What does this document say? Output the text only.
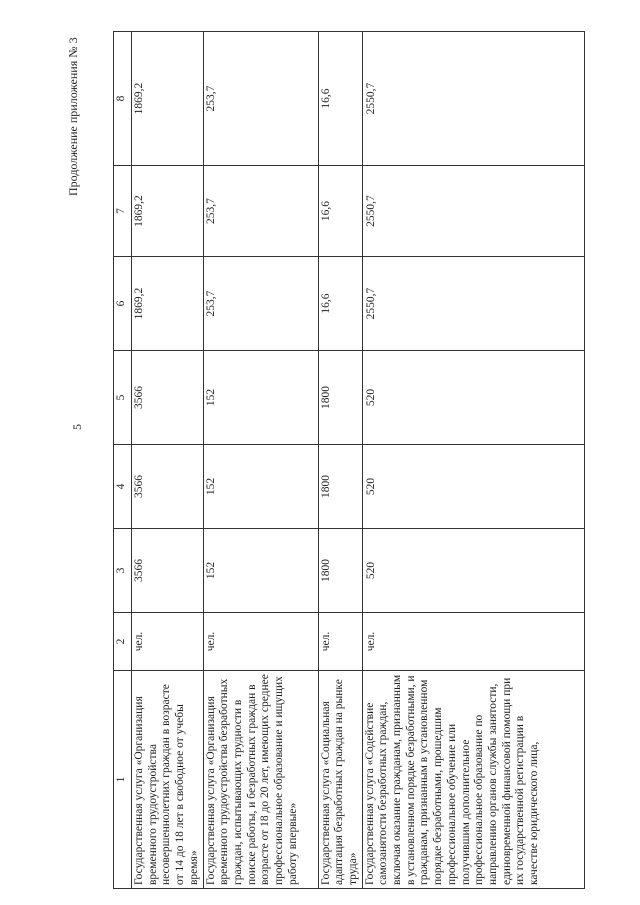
5
Продолжение приложения № 3
1	2	3	4	5	6	7	8
Государственная услуга «Организация временного трудоустройства несовершеннолетних граждан в возрасте от 14 до 18 лет в свободное от учебы время»	чел.	3566	3566	3566	1869,2	1869,2	1869,2
Государственная услуга «Организация временного трудоустройства безработных граждан, испытывающих трудности в поиске работы, и безработных граждан в возрасте от 18 до 20 лет, имеющих среднее профессиональное образование и ищущих работу впервые»	чел.	152	152	152	253,7	253,7	253,7
Государственная услуга «Социальная адаптация безработных граждан на рынке труда»	чел.	1800	1800	1800	16,6	16,6	16,6
Государственная услуга «Содействие самозанятости безработных граждан, включая оказание гражданам, признанным в установленном порядке безработными, и гражданам, признанным в установленном порядке безработными, прошедшим профессиональное обучение или получившим дополнительное профессиональное образование по направлению органов службы занятости, единовременной финансовой помощи при их государственной регистрации в качестве юридического лица,	чел.	520	520	520	2550,7	2550,7	2550,7
